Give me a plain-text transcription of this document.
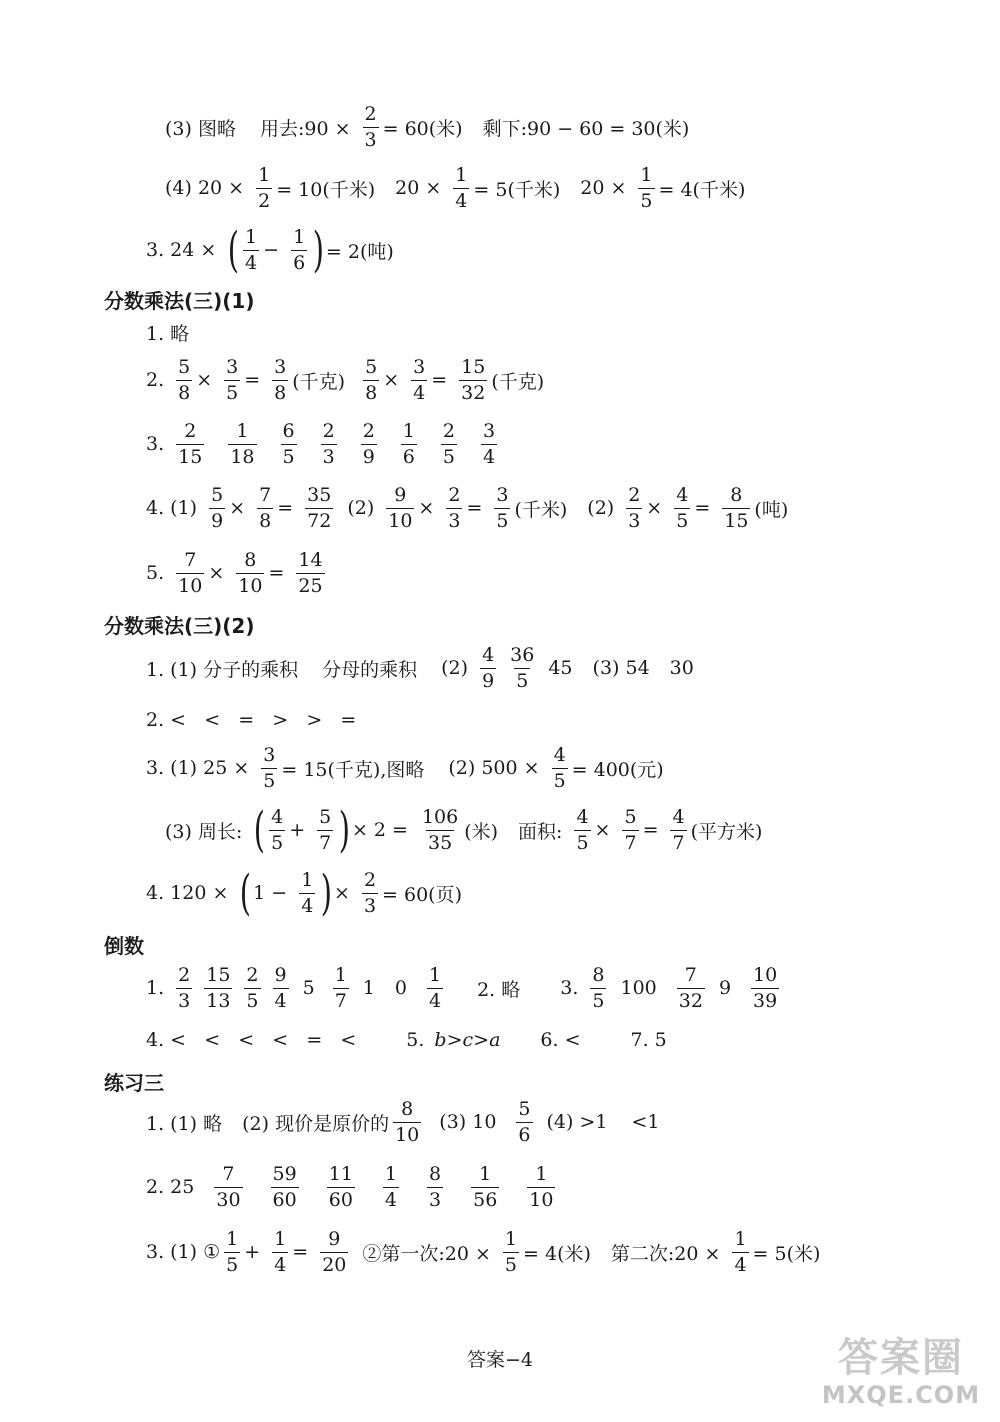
(3) 图略 用去:90 × $\frac{2}{3} = 60$(米) 剩下:90 − 60 = 30(米)
(4) $20 \times \frac{1}{2} = 10$(千米) $20 \times \frac{1}{4} = 5$(千米) $20 \times \frac{1}{5} = 4$(千米)
3. 24 × ( $\frac{1}{4} - \frac{1}{6}$ ) = 2(吨)
分数乘法(三)(1)
1. 略
2. $\frac{5}{8} \times \frac{3}{5} = \frac{3}{8}$ (千克) $\frac{5}{8} \times \frac{3}{4} = \frac{15}{32}$ (千克)
3. $\frac{2}{15} \frac{1}{18} \frac{6}{5} \frac{2}{3} \frac{2}{9} \frac{1}{6} \frac{2}{5} \frac{3}{4}$
4. $(1) \frac{5}{9} \times \frac{7}{8} = \frac{35}{72} (2) \frac{9}{10} \times \frac{2}{3} = \frac{3}{5}$ (千米) $(2) \frac{2}{3} \times \frac{4}{5} = \frac{8}{15}$ (吨)
5. $\frac{7}{10} \times \frac{8}{10} = \frac{14}{25}$
分数乘法(三)(2)
1. (1) 分子的乘积 分母的乘积 $(2) \frac{4}{9} \frac{36}{5} 45$ (3) 54 30
2. <   <   =   >   >   =
3. (1) $25 \times \frac{3}{5} = 15$(千克),图略 (2) $500 \times \frac{4}{5} = 400$(元)
(3) 周长: ( $\frac{4}{5} + \frac{5}{7}$ ) × $2 = \frac{106}{35}$ (米) 面积: $\frac{4}{5} \times \frac{5}{7} = \frac{4}{7}$ (平方米)
4. 120 × ( $1 - \frac{1}{4}$ ) × $\frac{2}{3} = 60$(页)
倒数
1. $\frac{2}{3} \frac{15}{13} \frac{2}{5} \frac{9}{4} 5 \frac{1}{7} 1$ $0 \frac{1}{4} 2$. 略 3. $\frac{8}{5} 100 \frac{7}{32} 9 \frac{10}{39}$
4. <   <   <   <   =   <	5. b>c>a 6. <	7. 5
练习三
1. (1) 略 (2) 现价是原价的 $\frac{8}{10} (3)$ $10 \frac{5}{6} (4) >1 <1$
2. $25 \frac{7}{30} \frac{59}{60} \frac{11}{60} \frac{1}{4} \frac{8}{3} \frac{1}{56} \frac{1}{10}$
3. (1) ① $\frac{1}{5} + \frac{1}{4} = \frac{9}{20}$ ②第一次:20 × $\frac{1}{5} = 4$(米) 第二次:20 × $\frac{1}{4} = 5$(米)
答案−4	答案圈
MXQE.COM
